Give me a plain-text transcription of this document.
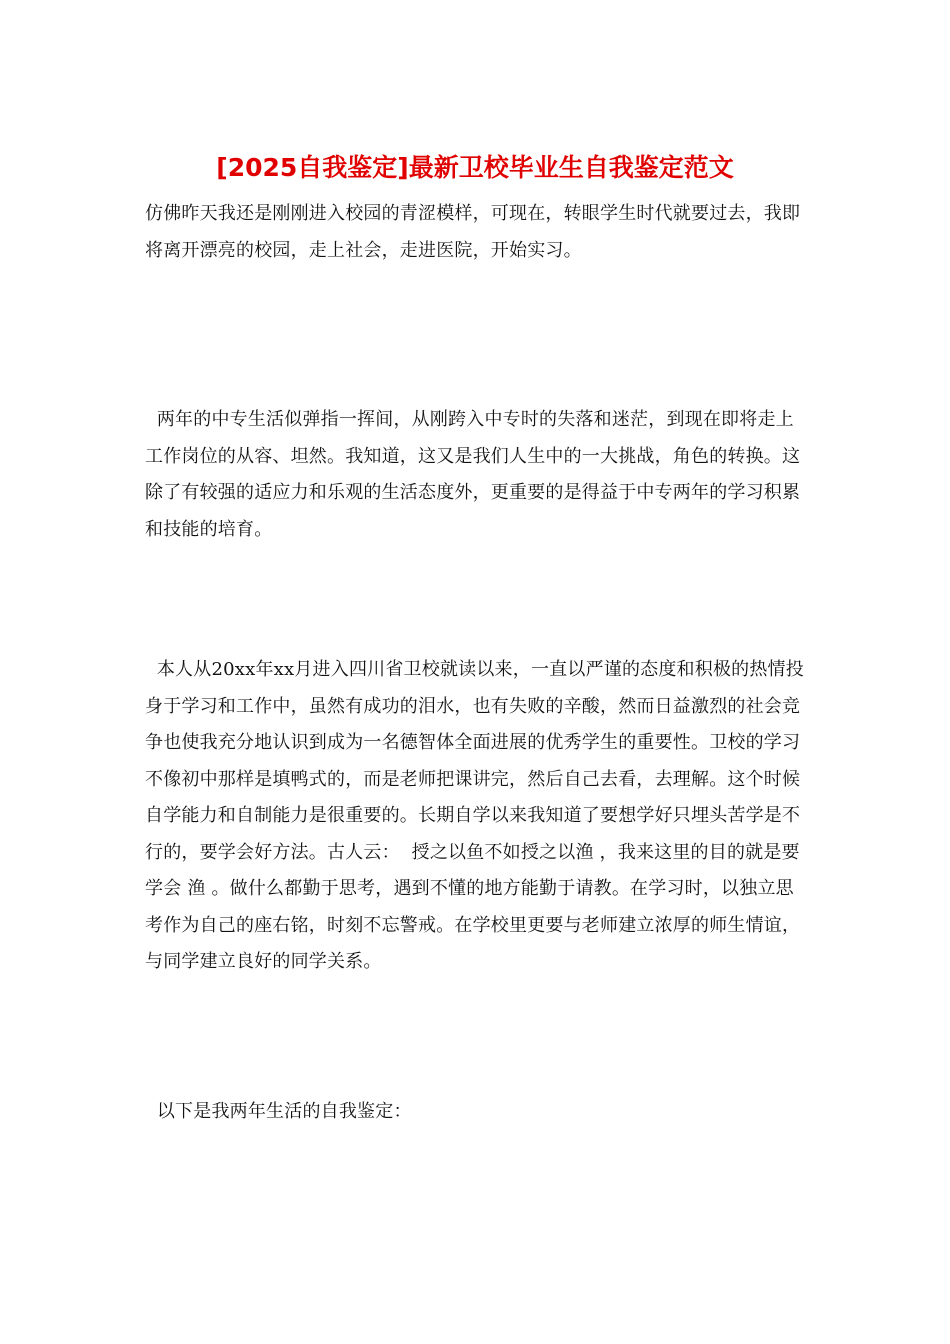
[2025自我鉴定]最新卫校毕业生自我鉴定范文

仿佛昨天我还是刚刚进入校园的青涩模样，可现在，转眼学生时代就要过去，我即将离开漂亮的校园，走上社会，走进医院，开始实习。

两年的中专生活似弹指一挥间，从刚跨入中专时的失落和迷茫，到现在即将走上工作岗位的从容、坦然。我知道，这又是我们人生中的一大挑战，角色的转换。这除了有较强的适应力和乐观的生活态度外，更重要的是得益于中专两年的学习积累和技能的培育。

本人从20xx年xx月进入四川省卫校就读以来，一直以严谨的态度和积极的热情投身于学习和工作中，虽然有成功的泪水，也有失败的辛酸，然而日益激烈的社会竞争也使我充分地认识到成为一名德智体全面进展的优秀学生的重要性。卫校的学习不像初中那样是填鸭式的，而是老师把课讲完，然后自己去看，去理解。这个时候自学能力和自制能力是很重要的。长期自学以来我知道了要想学好只埋头苦学是不行的，要学会好方法。古人云：  授之以鱼不如授之以渔 ，我来这里的目的就是要学会 渔 。做什么都勤于思考，遇到不懂的地方能勤于请教。在学习时，以独立思考作为自己的座右铭，时刻不忘警戒。在学校里更要与老师建立浓厚的师生情谊，与同学建立良好的同学关系。

以下是我两年生活的自我鉴定：
